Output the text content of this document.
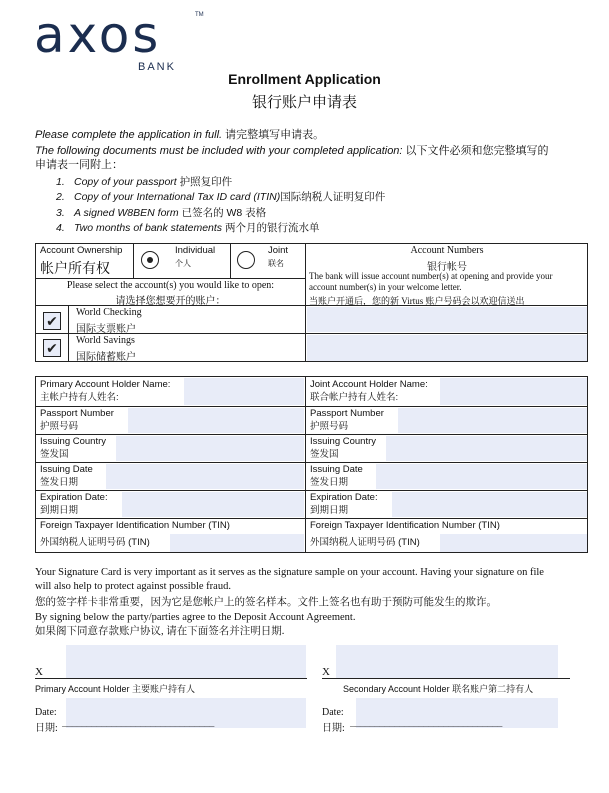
axos	TM
BANK
Enrollment Application
银行账户申请表
Please complete the application in full. 请完整填写申请表。
The following documents must be included with your completed application: 以下文件必须和您完整填写的
申请表一同附上：
1. Copy of your passport 护照复印件
2. Copy of your International Tax ID card (ITIN)国际纳税人证明复印件
3. A signed W8BEN form 已签名的 W8 表格
4. Two months of bank statements 两个月的银行流水单
Account Ownership
帐户所有权
Individual
个人
Joint
联名
Please select the account(s) you would like to open:
请选择您想要开的账户：
✔
World Checking
国际支票账户
✔	World Savings
国际储蓄账户
Account Numbers
银行帐号
The bank will issue account number(s) at opening and provide your
account number(s) in your welcome letter.
当账户开通后，您的新 Virtus 账户号码会以欢迎信送出
Primary Account Holder Name:
主帐户持有人姓名:
Passport Number
护照号码
Issuing Country
签发国
Issuing Date
签发日期
Expiration Date:
到期日期
Foreign Taxpayer Identification Number (TIN)
外国纳税人证明号码 (TIN)
Joint Account Holder Name:
联合帐户持有人姓名:
Passport Number
护照号码
Issuing Country
签发国
Issuing Date
签发日期
Expiration Date:
到期日期
Foreign Taxpayer Identification Number (TIN)
外国纳税人证明号码 (TIN)
Your Signature Card is very important as it serves as the signature sample on your account. Having your signature on file
will also help to protect against possible fraud.
您的签字样卡非常重要，因为它是您帐户上的签名样本。文件上签名也有助于预防可能发生的欺诈。
By signing below the party/parties agree to the Deposit Account Agreement.
如果阁下同意存款账户协议, 请在下面签名并注明日期.
X
Primary Account Holder 主要账户持有人
X
Secondary Account Holder 联名账户第二持有人
Date:
日期: _______________________________
Date:
日期: _______________________________
